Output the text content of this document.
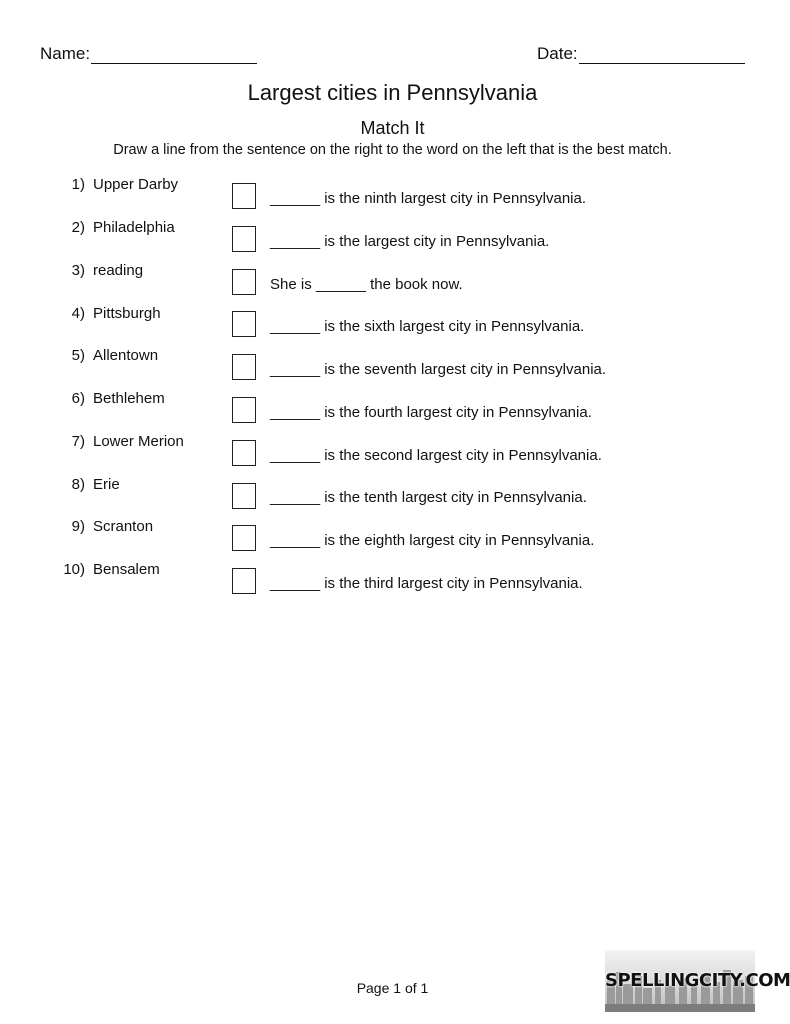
Name:	Date:
Largest cities in Pennsylvania
Match It
Draw a line from the sentence on the right to the word on the left that is the best match.
1) Upper Darby
2) Philadelphia
3) reading
4) Pittsburgh
5) Allentown
6) Bethlehem
7) Lower Merion
8) Erie
9) Scranton
10) Bensalem
______ is the ninth largest city in Pennsylvania.
______ is the largest city in Pennsylvania.
She is ______ the book now.
______ is the sixth largest city in Pennsylvania.
______ is the seventh largest city in Pennsylvania.
______ is the fourth largest city in Pennsylvania.
______ is the second largest city in Pennsylvania.
______ is the tenth largest city in Pennsylvania.
______ is the eighth largest city in Pennsylvania.
______ is the third largest city in Pennsylvania.
Page 1 of 1	SPELLINGCITY.COM
